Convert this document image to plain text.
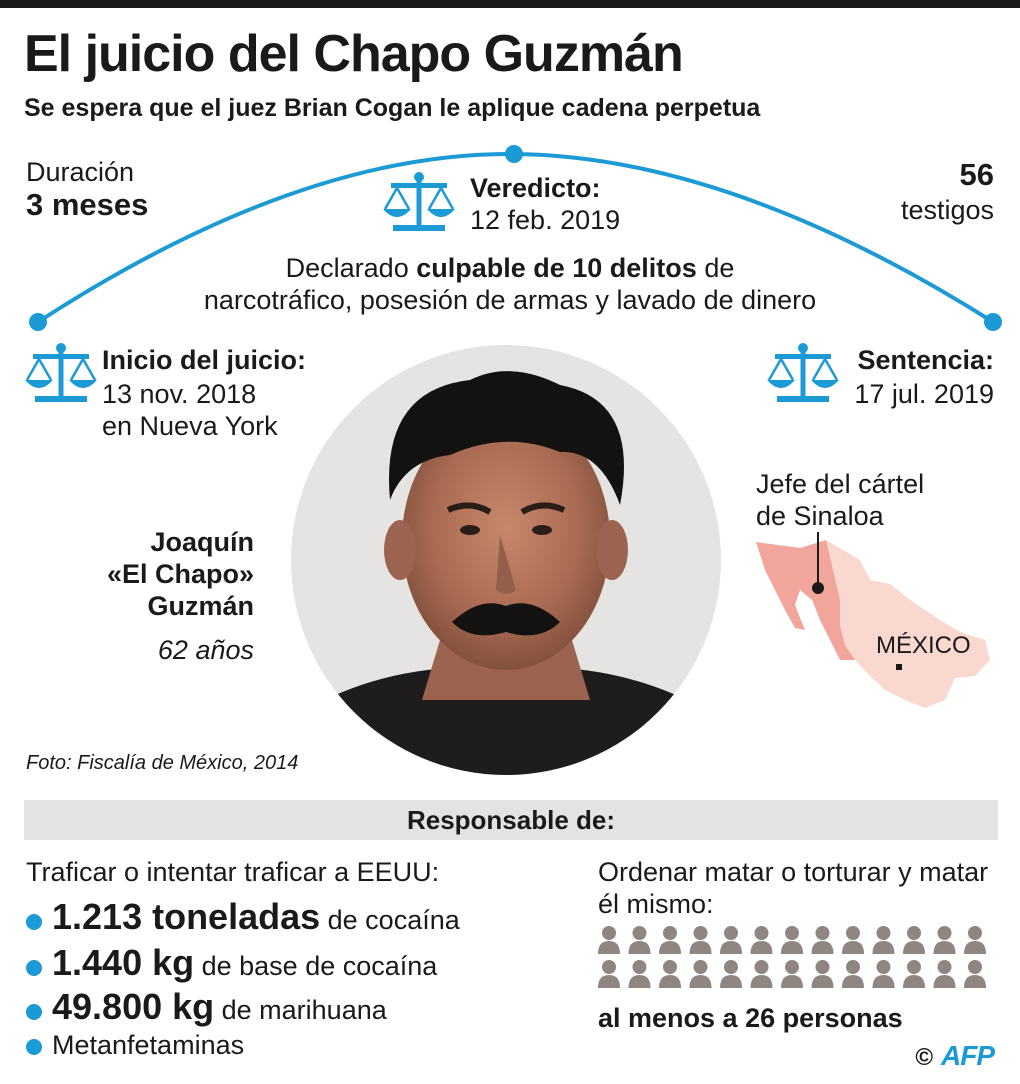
El juicio del Chapo Guzmán
Se espera que el juez Brian Cogan le aplique cadena perpetua
Duración
3 meses
56
testigos
Veredicto:
12 feb. 2019
Declarado culpable de 10 delitos de
narcotráfico, posesión de armas y lavado de dinero
Inicio del juicio:
13 nov. 2018
en Nueva York
Sentencia:
17 jul. 2019
Joaquín
«El Chapo»
Guzmán
62 años
Foto: Fiscalía de México, 2014
Jefe del cártel
de Sinaloa
MÉXICO
Responsable de:
Traficar o intentar traficar a EEUU:
1.213 toneladas de cocaína
1.440 kg de base de cocaína
49.800 kg de marihuana
Metanfetaminas
Ordenar matar o torturar y matar
él mismo:
al menos a 26 personas
© AFP
